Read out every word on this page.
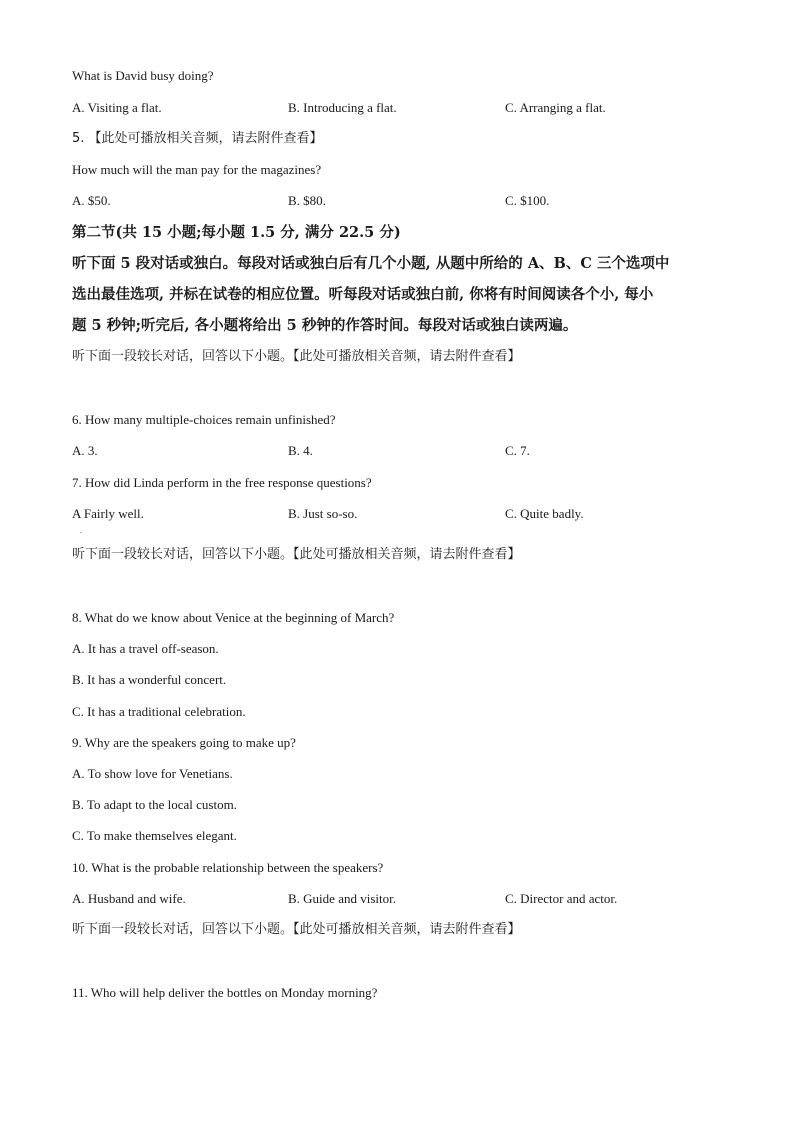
What is David busy doing?
A. Visiting a flat.	B. Introducing a flat.	C. Arranging a flat.
5. 【此处可播放相关音频，请去附件查看】
How much will the man pay for the magazines?
A. $50.	B. $80.	C. $100.
第二节(共 15 小题;每小题 1.5 分, 满分 22.5 分)
听下面 5 段对话或独白。每段对话或独白后有几个小题, 从题中所给的 A、B、C 三个选项中
选出最佳选项, 并标在试卷的相应位置。听每段对话或独白前, 你将有时间阅读各个小, 每小
题 5 秒钟;听完后, 各小题将给出 5 秒钟的作答时间。每段对话或独白读两遍。
听下面一段较长对话，回答以下小题。【此处可播放相关音频，请去附件查看】
6. How many multiple-choices remain unfinished?
A. 3.	B. 4.	C. 7.
7. How did Linda perform in the free response questions?
A Fairly well.	B. Just so-so.	C. Quite badly.
.
听下面一段较长对话，回答以下小题。【此处可播放相关音频，请去附件查看】
8. What do we know about Venice at the beginning of March?
A. It has a travel off-season.
B. It has a wonderful concert.
C. It has a traditional celebration.
9. Why are the speakers going to make up?
A. To show love for Venetians.
B. To adapt to the local custom.
C. To make themselves elegant.
10. What is the probable relationship between the speakers?
A. Husband and wife.	B. Guide and visitor.	C. Director and actor.
听下面一段较长对话，回答以下小题。【此处可播放相关音频，请去附件查看】
11. Who will help deliver the bottles on Monday morning?
